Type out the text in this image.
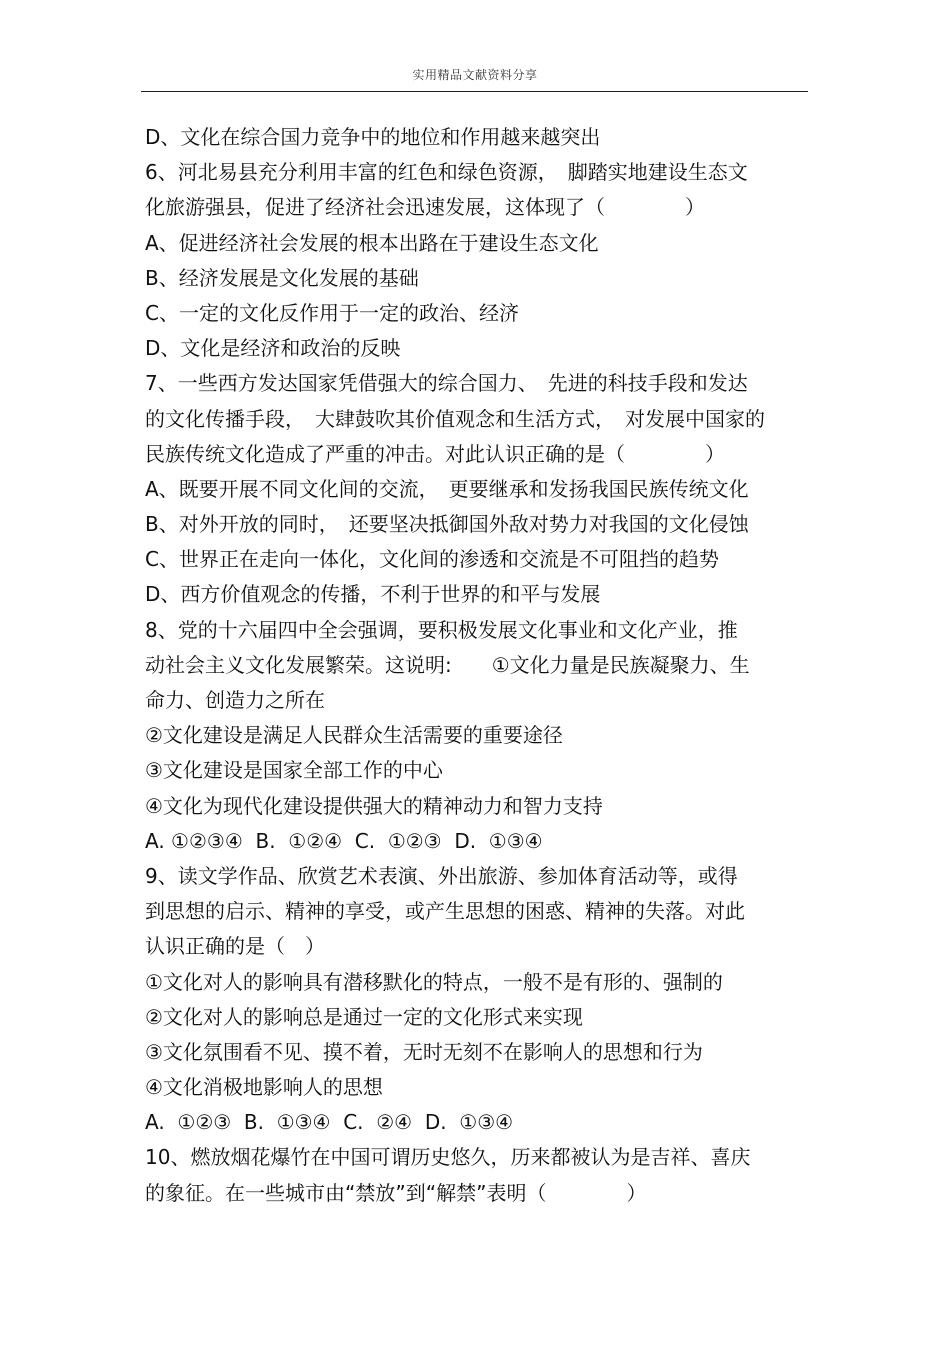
实用精品文献资料分享
D、文化在综合国力竞争中的地位和作用越来越突出
6、河北易县充分利用丰富的红色和绿色资源，　脚踏实地建设生态文
化旅游强县，促进了经济社会迅速发展，这体现了（　　　　）
A、促进经济社会发展的根本出路在于建设生态文化
B、经济发展是文化发展的基础
C、一定的文化反作用于一定的政治、经济
D、文化是经济和政治的反映
7、一些西方发达国家凭借强大的综合国力、　先进的科技手段和发达
的文化传播手段，　大肆鼓吹其价值观念和生活方式，　对发展中国家的
民族传统文化造成了严重的冲击。对此认识正确的是（　　　　）
A、既要开展不同文化间的交流，　更要继承和发扬我国民族传统文化
B、对外开放的同时，　还要坚决抵御国外敌对势力对我国的文化侵蚀
C、世界正在走向一体化，文化间的渗透和交流是不可阻挡的趋势
D、西方价值观念的传播，不利于世界的和平与发展
8、党的十六届四中全会强调，要积极发展文化事业和文化产业，推
动社会主义文化发展繁荣。这说明:　　①文化力量是民族凝聚力、生
命力、创造力之所在
②文化建设是满足人民群众生活需要的重要途径
③文化建设是国家全部工作的中心
④文化为现代化建设提供强大的精神动力和智力支持
A. ①②③④  B.  ①②④  C.  ①②③  D.  ①③④
9、读文学作品、欣赏艺术表演、外出旅游、参加体育活动等，或得
到思想的启示、精神的享受，或产生思想的困惑、精神的失落。对此
认识正确的是（　）
①文化对人的影响具有潜移默化的特点，一般不是有形的、强制的
②文化对人的影响总是通过一定的文化形式来实现
③文化氛围看不见、摸不着，无时无刻不在影响人的思想和行为
④文化消极地影响人的思想
A.  ①②③  B.  ①③④  C.  ②④  D.  ①③④
10、燃放烟花爆竹在中国可谓历史悠久，历来都被认为是吉祥、喜庆
的象征。在一些城市由“禁放”到“解禁”表明（　　　　）
